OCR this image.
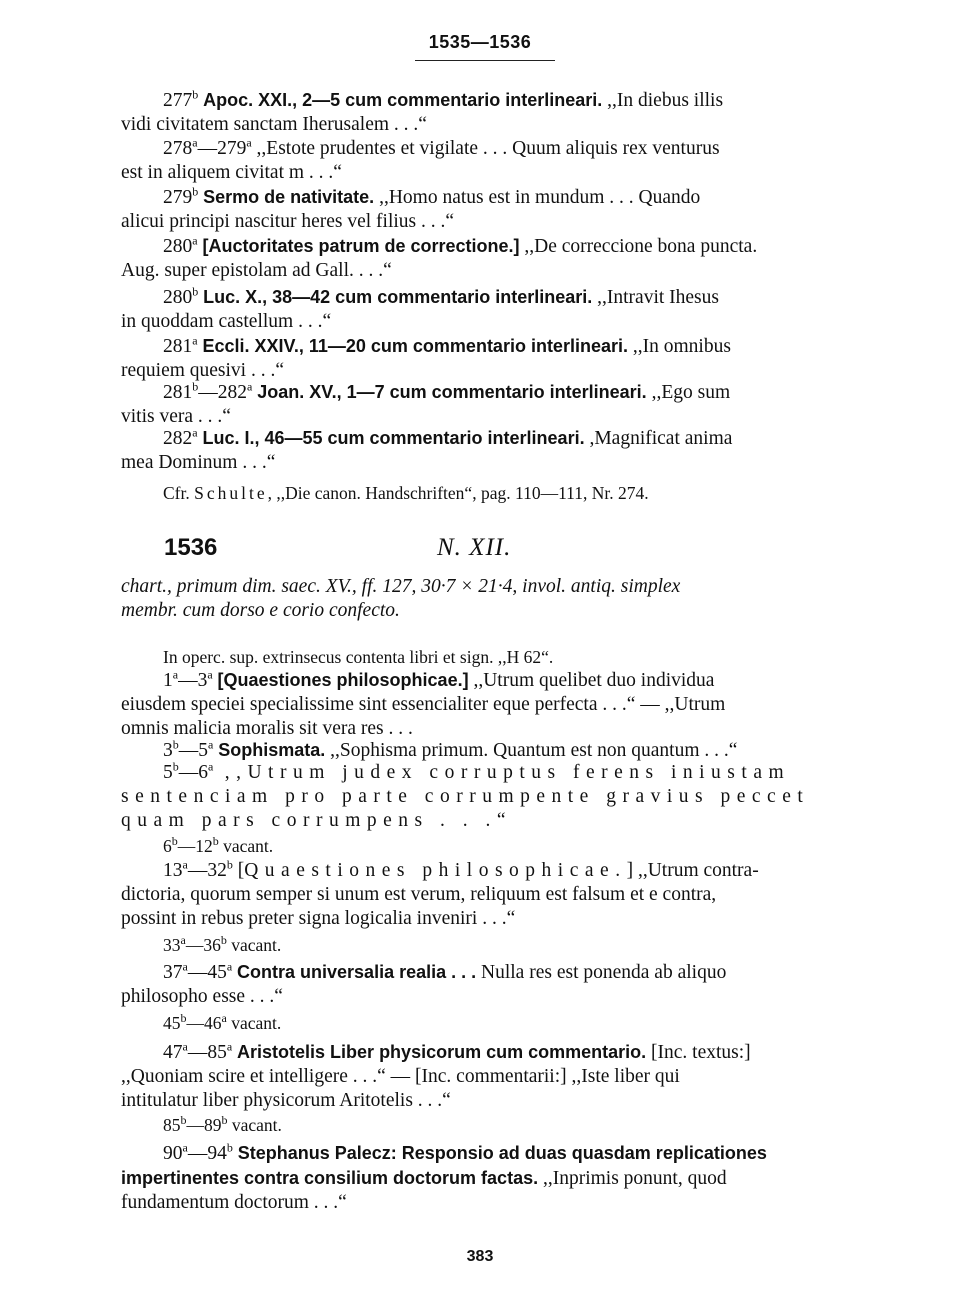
1535—1536
277$^b$ Apoc. XXI., 2—5 cum commentario interlineari. ,,In diebus illis
vidi civitatem sanctam Iherusalem . . .“
278$^a$—279$^a$ ,,Estote prudentes et vigilate . . . Quum aliquis rex venturus
est in aliquem civitat m . . .“
279$^b$ Sermo de nativitate. ,,Homo natus est in mundum . . . Quando
alicui principi nascitur heres vel filius . . .“
280$^a$ [Auctoritates patrum de correctione.] ,,De correccione bona puncta.
Aug. super epistolam ad Gall. . . .“
280$^b$ Luc. X., 38—42 cum commentario interlineari. ,,Intravit Ihesus
in quoddam castellum . . .“
281$^a$ Eccli. XXIV., 11—20 cum commentario interlineari. ,,In omnibus
requiem quesivi . . .“
281$^b$—282$^a$ Joan. XV., 1—7 cum commentario interlineari. ,,Ego sum
vitis vera . . .“
282$^a$ Luc. I., 46—55 cum commentario interlineari. ,Magnificat anima
mea Dominum . . .“
Cfr. Schulte, ,,Die canon. Handschriften“, pag. 110—111, Nr. 274.
1536	N. XII.
chart., primum dim. saec. XV., ff. 127, 30·7 × 21·4, invol. antiq. simplex
membr. cum dorso e corio confecto.
In operc. sup. extrinsecus contenta libri et sign. ,,H 62“.
1$^a$—3$^a$ [Quaestiones philosophicae.] ,,Utrum quelibet duo individua
eiusdem speciei specialissime sint essencialiter eque perfecta . . .“ — ,,Utrum
omnis malicia moralis sit vera res . . .
3$^b$—5$^a$ Sophismata. ,,Sophisma primum. Quantum est non quantum . . .“
5$^b$—6$^a$ ,,Utrum judex corruptus ferens iniustam
sentenciam pro parte corrumpente gravius peccet
quam pars corrumpens . . .“
6$^b$—12$^b$ vacant.
13$^a$—32$^b$ [Quaestiones philosophicae.] ,,Utrum contra-
dictoria, quorum semper si unum est verum, reliquum est falsum et e contra,
possint in rebus preter signa logicalia inveniri . . .“
33$^a$—36$^b$ vacant.
37$^a$—45$^a$ Contra universalia realia . . . Nulla res est ponenda ab aliquo
philosopho esse . . .“
45$^b$—46$^a$ vacant.
47$^a$—85$^a$ Aristotelis Liber physicorum cum commentario. [Inc. textus:]
,,Quoniam scire et intelligere . . .“ — [Inc. commentarii:] ,,Iste liber qui
intitulatur liber physicorum Aritotelis . . .“
85$^b$—89$^b$ vacant.
90$^a$—94$^b$ Stephanus Palecz: Responsio ad duas quasdam replicationes
impertinentes contra consilium doctorum factas. ,,Inprimis ponunt, quod
fundamentum doctorum . . .“
383
